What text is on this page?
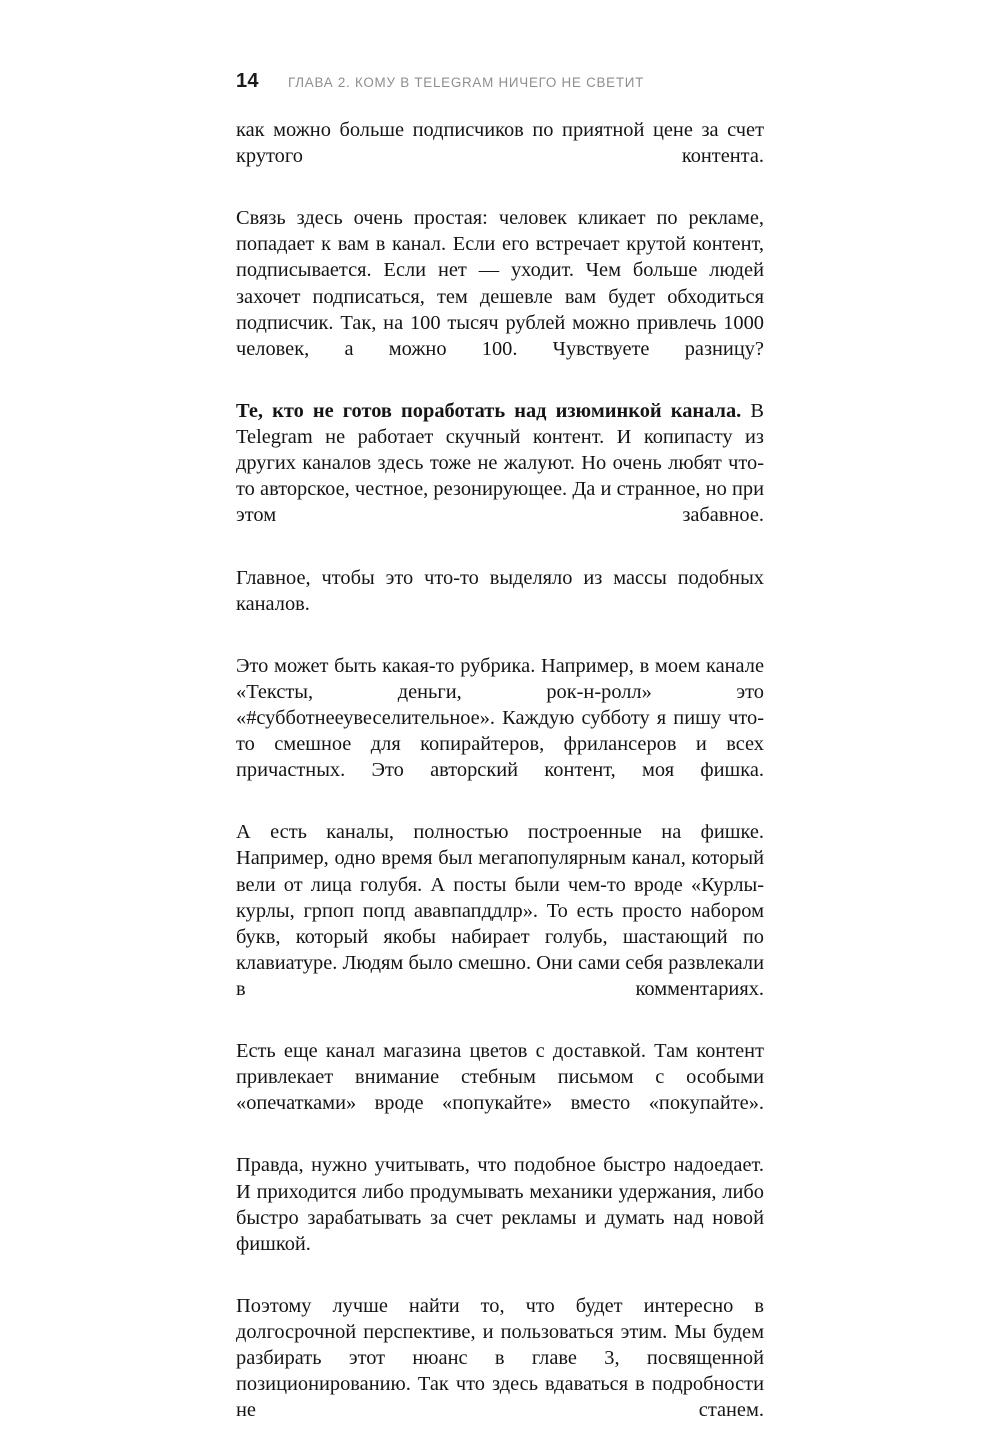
14	ГЛАВА 2. КОМУ В TELEGRAM НИЧЕГО НЕ СВЕТИТ

как можно больше подписчиков по приятной цене за счет крутого контента.

Связь здесь очень простая: человек кликает по рекламе, попадает к вам в канал. Если его встречает крутой контент, подписывается. Если нет — уходит. Чем больше людей захочет подписаться, тем дешевле вам будет обходиться подписчик. Так, на 100 тысяч рублей можно привлечь 1000 человек, а можно 100. Чувствуете разницу?

Те, кто не готов поработать над изюминкой канала. В Telegram не работает скучный контент. И копипасту из других каналов здесь тоже не жалуют. Но очень любят что-то авторское, честное, резонирующее. Да и странное, но при этом забавное.

Главное, чтобы это что-то выделяло из массы подобных каналов.

Это может быть какая-то рубрика. Например, в моем канале «Тексты, деньги, рок-н-ролл» это «#субботнееувеселительное». Каждую субботу я пишу что-то смешное для копирайтеров, фрилансеров и всех причастных. Это авторский контент, моя фишка.

А есть каналы, полностью построенные на фишке. Например, одно время был мегапопулярным канал, который вели от лица голубя. А посты были чем-то вроде «Курлы-курлы, грпоп попд ававпапддлр». То есть просто набором букв, который якобы набирает голубь, шастающий по клавиатуре. Людям было смешно. Они сами себя развлекали в комментариях.

Есть еще канал магазина цветов с доставкой. Там контент привлекает внимание стебным письмом с особыми «опечатками» вроде «попукайте» вместо «покупайте».

Правда, нужно учитывать, что подобное быстро надоедает. И приходится либо продумывать механики удержания, либо быстро зарабатывать за счет рекламы и думать над новой фишкой.

Поэтому лучше найти то, что будет интересно в долгосрочной перспективе, и пользоваться этим. Мы будем разбирать этот нюанс в главе 3, посвященной позиционированию. Так что здесь вдаваться в подробности не станем.
